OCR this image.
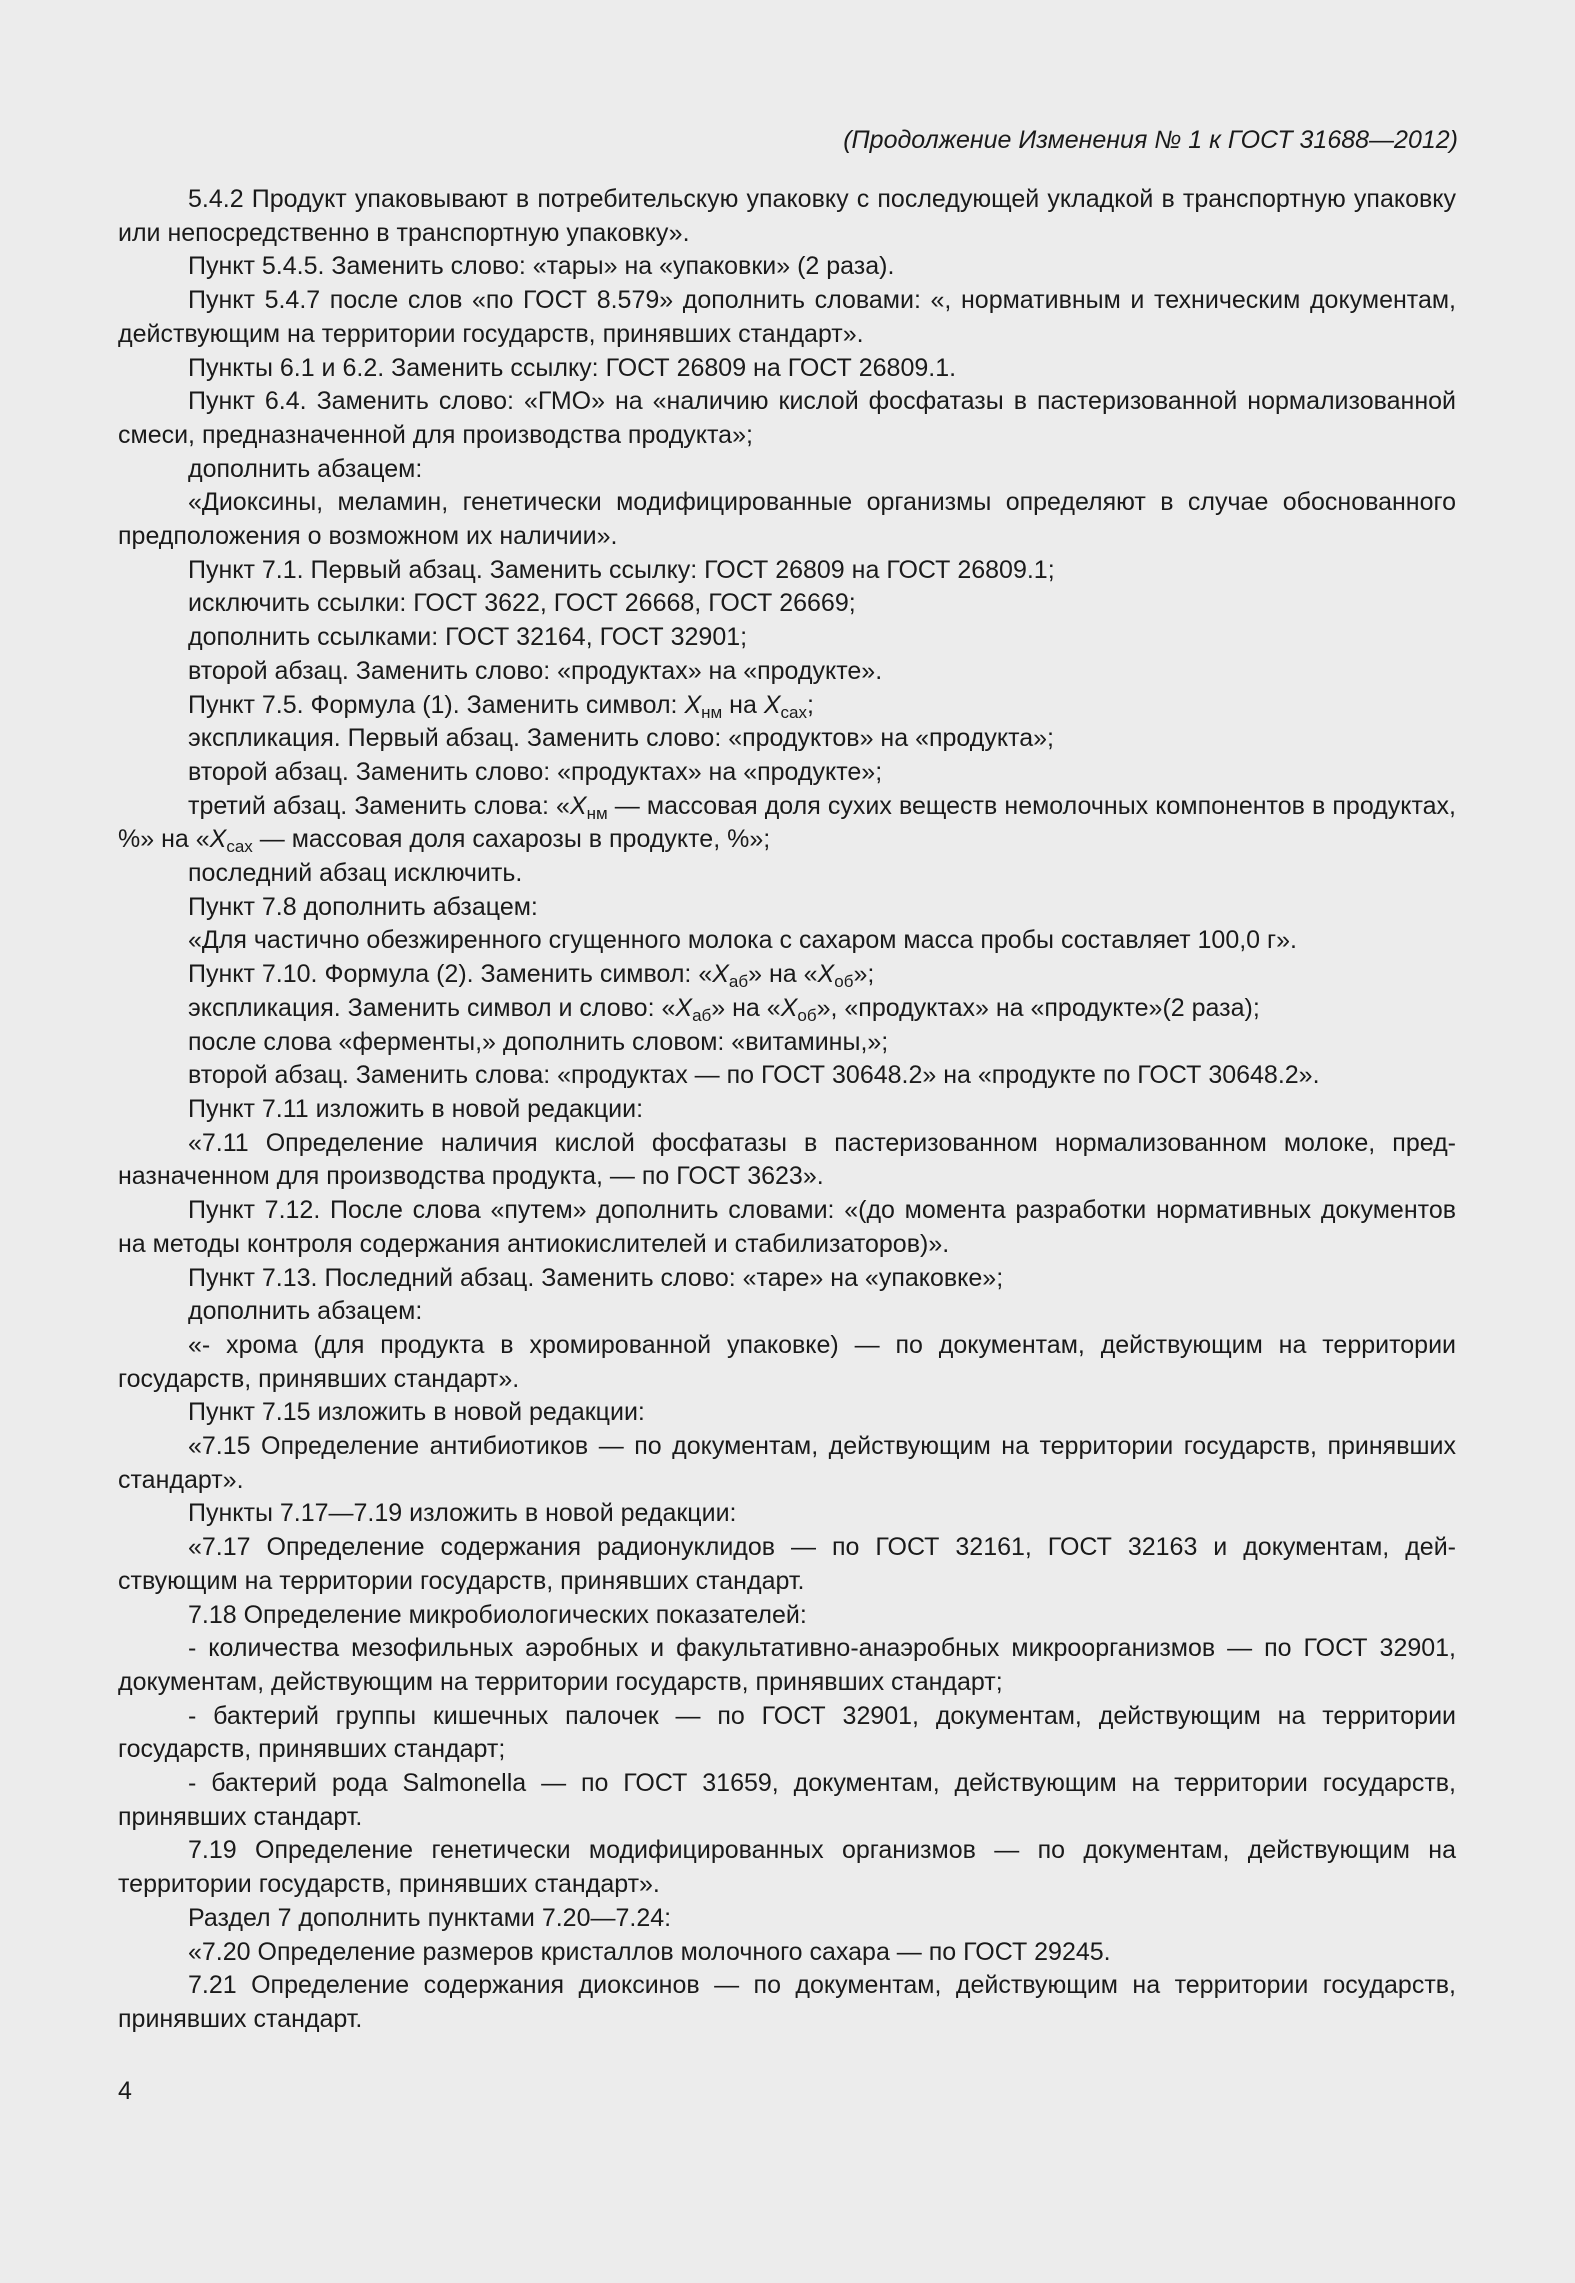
(Продолжение Изменения № 1 к ГОСТ 31688—2012)

5.4.2 Продукт упаковывают в потребительскую упаковку с последующей укладкой в транспортную упаковку или непосредственно в транспортную упаковку».

Пункт 5.4.5. Заменить слово: «тары» на «упаковки» (2 раза).

Пункт 5.4.7 после слов «по ГОСТ 8.579» дополнить словами: «, нормативным и техническим документам, действующим на территории государств, принявших стандарт».

Пункты 6.1 и 6.2. Заменить ссылку: ГОСТ 26809 на ГОСТ 26809.1.

Пункт 6.4. Заменить слово: «ГМО» на «наличию кислой фосфатазы в пастеризованной нормализованной смеси, предназначенной для производства продукта»;

дополнить абзацем:

«Диоксины, меламин, генетически модифицированные организмы определяют в случае обоснованного предположения о возможном их наличии».

Пункт 7.1. Первый абзац. Заменить ссылку: ГОСТ 26809 на ГОСТ 26809.1;

исключить ссылки: ГОСТ 3622, ГОСТ 26668, ГОСТ 26669;

дополнить ссылками: ГОСТ 32164, ГОСТ 32901;

второй абзац. Заменить слово: «продуктах» на «продукте».

Пункт 7.5. Формула (1). Заменить символ: $X_{нм}$ на $X_{сах}$;

экспликация. Первый абзац. Заменить слово: «продуктов» на «продукта»;

второй абзац. Заменить слово: «продуктах» на «продукте»;

третий абзац. Заменить слова: «$X_{нм}$ — массовая доля сухих веществ немолочных компонентов в продуктах, %» на «$X_{сах}$ — массовая доля сахарозы в продукте, %»;

последний абзац исключить.

Пункт 7.8 дополнить абзацем:

«Для частично обезжиренного сгущенного молока с сахаром масса пробы составляет 100,0 г».

Пункт 7.10. Формула (2). Заменить символ: «$X_{аб}$» на «$X_{об}$»;

экспликация. Заменить символ и слово: «$X_{аб}$» на «$X_{об}$», «продуктах» на «продукте»(2 раза);

после слова «ферменты,» дополнить словом: «витамины,»;

второй абзац. Заменить слова: «продуктах — по ГОСТ 30648.2» на «продукте по ГОСТ 30648.2».

Пункт 7.11 изложить в новой редакции:

«7.11 Определение наличия кислой фосфатазы в пастеризованном нормализованном молоке, предназначенном для производства продукта, — по ГОСТ 3623».

Пункт 7.12. После слова «путем» дополнить словами: «(до момента разработки нормативных документов на методы контроля содержания антиокислителей и стабилизаторов)».

Пункт 7.13. Последний абзац. Заменить слово: «таре» на «упаковке»;

дополнить абзацем:

«- хрома (для продукта в хромированной упаковке) — по документам, действующим на территории государств, принявших стандарт».

Пункт 7.15 изложить в новой редакции:

«7.15 Определение антибиотиков — по документам, действующим на территории государств, принявших стандарт».

Пункты 7.17—7.19 изложить в новой редакции:

«7.17 Определение содержания радионуклидов — по ГОСТ 32161, ГОСТ 32163 и документам, действующим на территории государств, принявших стандарт.

7.18 Определение микробиологических показателей:

- количества мезофильных аэробных и факультативно-анаэробных микроорганизмов — по ГОСТ 32901, документам, действующим на территории государств, принявших стандарт;

- бактерий группы кишечных палочек — по ГОСТ 32901, документам, действующим на территории государств, принявших стандарт;

- бактерий рода Salmonella — по ГОСТ 31659, документам, действующим на территории государств, принявших стандарт.

7.19 Определение генетически модифицированных организмов — по документам, действующим на территории государств, принявших стандарт».

Раздел 7 дополнить пунктами 7.20—7.24:

«7.20 Определение размеров кристаллов молочного сахара — по ГОСТ 29245.

7.21 Определение содержания диоксинов — по документам, действующим на территории государств, принявших стандарт.

4
